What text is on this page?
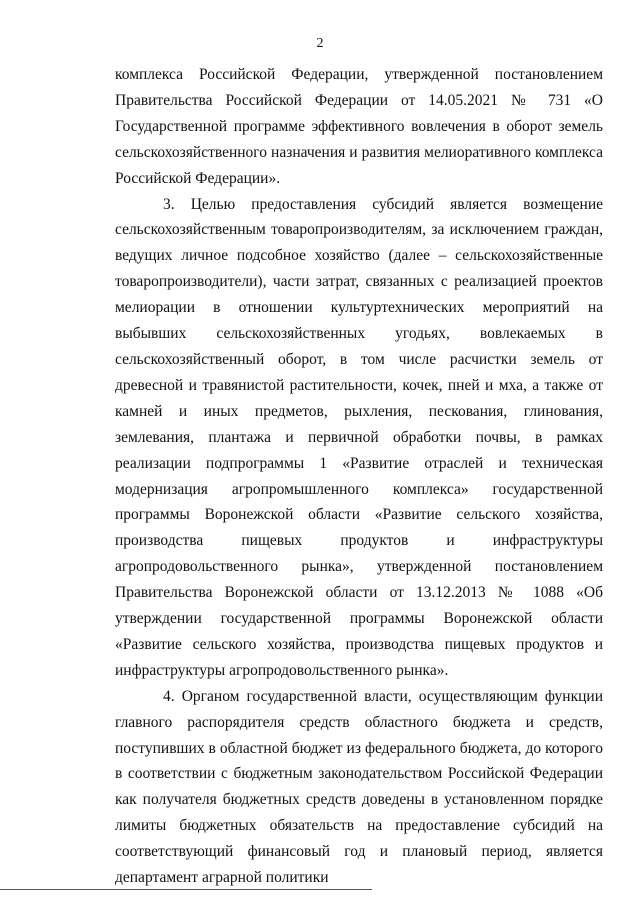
2

комплекса Российской Федерации, утвержденной постановлением Правительства Российской Федерации от 14.05.2021 № 731 «О Государственной программе эффективного вовлечения в оборот земель сельскохозяйственного назначения и развития мелиоративного комплекса Российской Федерации».

3. Целью предоставления субсидий является возмещение сельскохозяйственным товаропроизводителям, за исключением граждан, ведущих личное подсобное хозяйство (далее – сельскохозяйственные товаропроизводители), части затрат, связанных с реализацией проектов мелиорации в отношении культуртехнических мероприятий на выбывших сельскохозяйственных угодьях, вовлекаемых в сельскохозяйственный оборот, в том числе расчистки земель от древесной и травянистой растительности, кочек, пней и мха, а также от камней и иных предметов, рыхления, пескования, глинования, землевания, плантажа и первичной обработки почвы, в рамках реализации подпрограммы 1 «Развитие отраслей и техническая модернизация агропромышленного комплекса» государственной программы Воронежской области «Развитие сельского хозяйства, производства пищевых продуктов и инфраструктуры агропродовольственного рынка», утвержденной постановлением Правительства Воронежской области от 13.12.2013 № 1088 «Об утверждении государственной программы Воронежской области «Развитие сельского хозяйства, производства пищевых продуктов и инфраструктуры агропродовольственного рынка».

4. Органом государственной власти, осуществляющим функции главного распорядителя средств областного бюджета и средств, поступивших в областной бюджет из федерального бюджета, до которого в соответствии с бюджетным законодательством Российской Федерации как получателя бюджетных средств доведены в установленном порядке лимиты бюджетных обязательств на предоставление субсидий на соответствующий финансовый год и плановый период, является департамент аграрной политики
